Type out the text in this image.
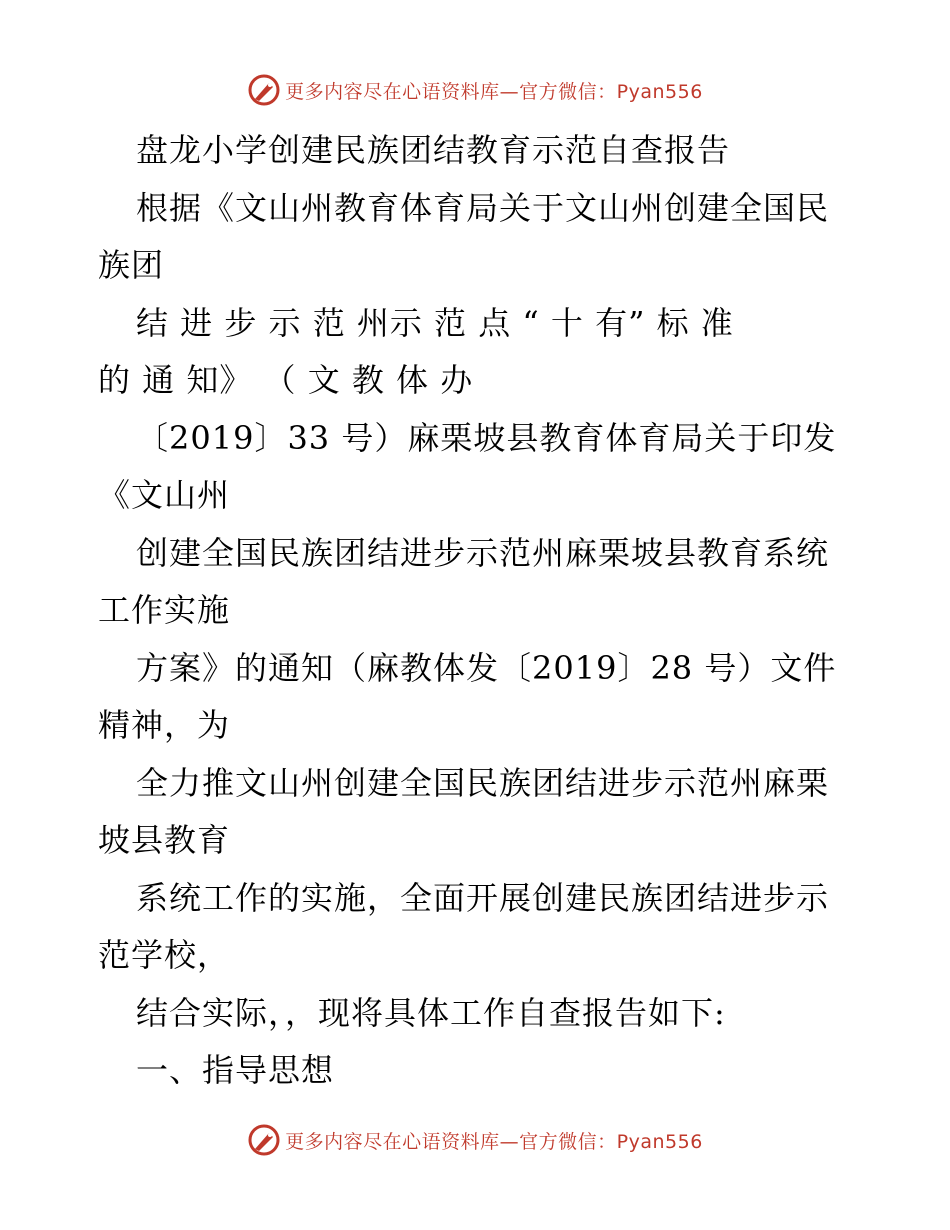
更多内容尽在心语资料库—官方微信：Pyan556
盘龙小学创建民族团结教育示范自查报告
根据《文山州教育体育局关于文山州创建全国民
族团
结 进 步 示 范 州示 范 点 “ 十 有” 标 准
的 通 知》 （ 文 教 体 办
〔2019〕33 号）麻栗坡县教育体育局关于印发
《文山州
创建全国民族团结进步示范州麻栗坡县教育系统
工作实施
方案》的通知（麻教体发〔2019〕28 号）文件
精神，为
全力推文山州创建全国民族团结进步示范州麻栗
坡县教育
系统工作的实施，全面开展创建民族团结进步示
范学校，
结合实际，，现将具体工作自查报告如下:
一、指导思想
更多内容尽在心语资料库—官方微信：Pyan556
